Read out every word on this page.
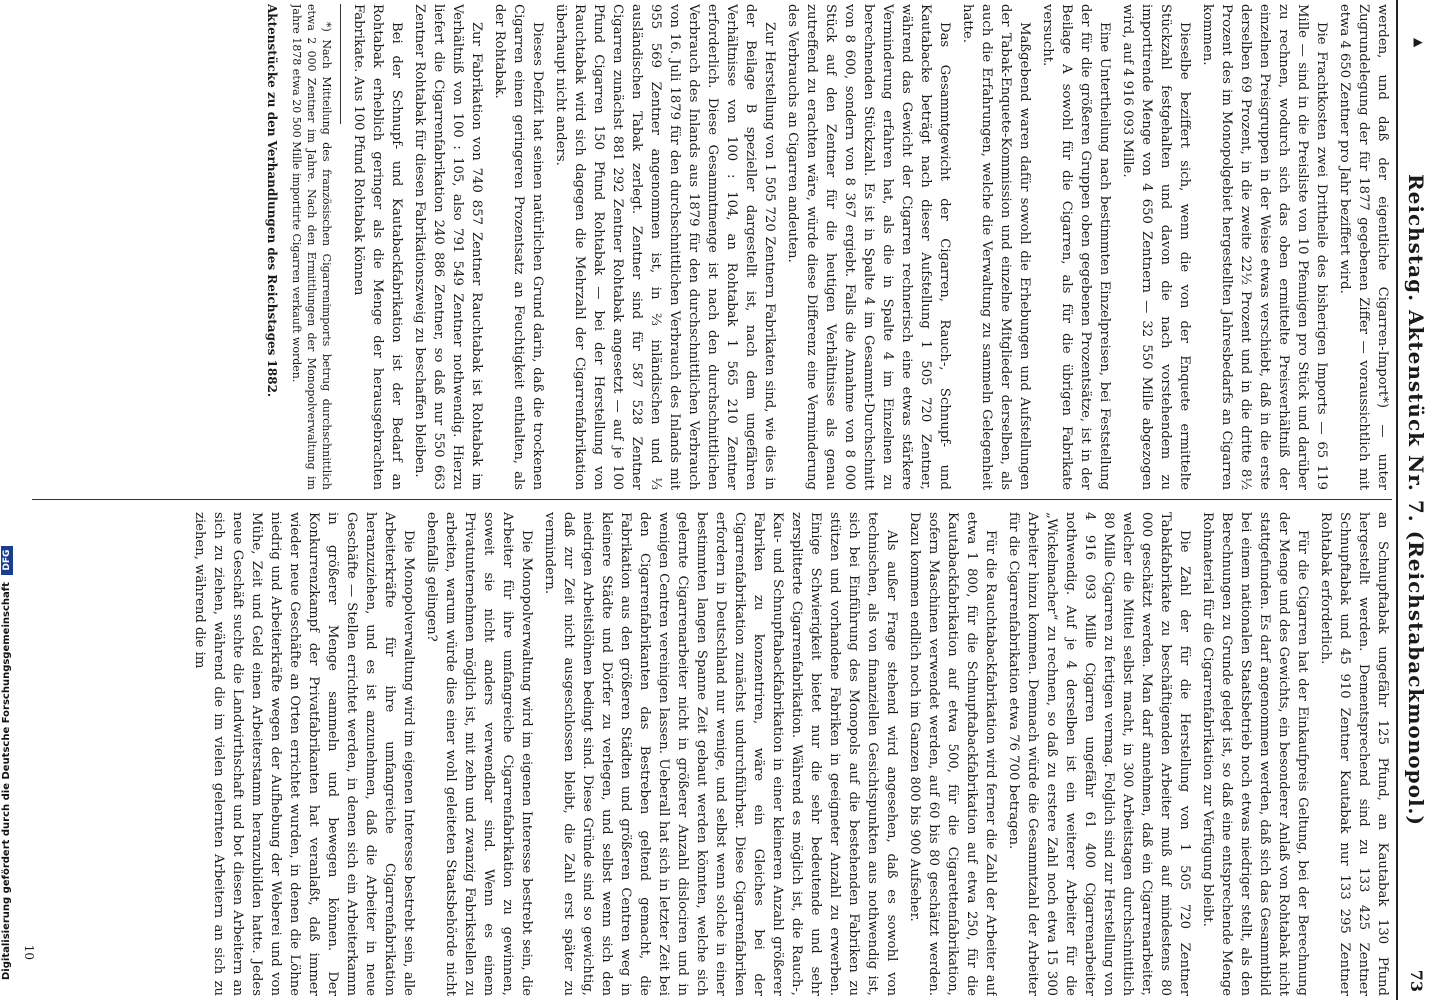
Digitalisierung gefördert durch die Deutsche Forschungsgemeinschaft DFG
▲
Reichstag. Aktenstück Nr. 7. (Reichstabackmonopol.)
73

werden, und daß der eigentliche Cigarren-Import*) — unter Zugrundelegung der für 1877 gegebenen Ziffer — voraussichtlich mit etwa 4 650 Zentner pro Jahr beziffert wird.

Die Frachtkosten zwei Drittheile des bisherigen Imports — 65 119 Mille — sind in die Preisliste von 10 Pfennigen pro Stück und darüber zu rechnen, wodurch sich das oben ermittelte Preisverhältniß der einzelnen Preisgruppen in der Weise etwas verschiebt, daß in die erste derselben 69 Prozent, in die zweite 22½ Prozent und in die dritte 8½ Prozent des im Monopolgebiet hergestellten Jahresbedarfs an Cigarren kommen.

Dieselbe beziffert sich, wenn die von der Enquete ermittelte Stückzahl festgehalten und davon die nach vorstehendem zu importirende Menge von 4 650 Zentnern — 32 550 Mille abgezogen wird, auf 4 916 093 Mille.

Eine Untertheilung nach bestimmten Einzelpreisen, bei Feststellung der für die größeren Gruppen oben gegebenen Prozentsätze, ist in der Beilage A sowohl für die Cigarren, als für die übrigen Fabrikate versucht.

Maßgebend waren dafür sowohl die Erhebungen und Aufstellungen der Tabak-Enquete-Kommission und einzelne Mitglieder derselben, als auch die Erfahrungen, welche die Verwaltung zu sammeln Gelegenheit hatte.

Das Gesammtgewicht der Cigarren, Rauch-, Schnupf- und Kautabacke beträgt nach dieser Aufstellung 1 505 720 Zentner, während das Gewicht der Cigarren rechnerisch eine etwas stärkere Verminderung erfahren hat, als die in Spalte 4 im Einzelnen zu berechnenden Stückzahl. Es ist in Spalte 4 im Gesammt-Durchschnitt von 8 600, sondern von 8 367 ergiebt. Falls die Annahme von 8 000 Stück auf den Zentner für die heutigen Verhältnisse als genau zutreffend zu erachten wäre, würde diese Differenz eine Verminderung des Verbrauchs an Cigarren andeuten.

Zur Herstellung von 1 505 720 Zentnern Fabrikaten sind, wie dies in der Beilage B spezieller dargestellt ist, nach dem ungefähren Verhältnisse von 100 : 104, an Rohtabak 1 565 210 Zentner erforderlich. Diese Gesammtmenge ist nach den durchschnittlichen Verbrauch des Inlands aus 1879 für den durchschnittlichen Verbrauch von 16. Juli 1879 für den durchschnittlichen Verbrauch des Inlands mit 955 569 Zentner angenommen ist, in ⅔ inländischen und ⅓ ausländischen Tabak zerlegt. Zentner sind für 587 528 Zentner Cigarren zunächst 881 292 Zentner Rohtabak angesetzt — auf je 100 Pfund Cigarren 150 Pfund Rohtabak — bei der Herstellung von Rauchtabak wird sich dagegen die Mehrzahl der Cigarrenfabrikation überhaupt nicht anders.

Dieses Defizit hat seinen natürlichen Grund darin, daß die trockenen Cigarren einen geringeren Prozentsatz an Feuchtigkeit enthalten, als der Rohtabak.

Zur Fabrikation von 740 857 Zentner Rauchtabak ist Rohtabak im Verhältniß von 100 : 105, also 791 549 Zentner nothwendig. Hierzu liefert die Cigarrenfabrikation 240 886 Zentner, so daß nur 550 663 Zentner Rohtabak für diesen Fabrikationszweig zu beschaffen bleiben.

Bei der Schnupf- und Kautabackfabrikation ist der Bedarf an Rohtabak erheblich geringer als die Menge der herausgebrachten Fabrikate. Aus 100 Pfund Rohtabak können

*) Nach Mitteilung des französischen Cigarrenimports betrug durchschnittlich etwa 2 000 Zentner im Jahre. Nach den Ermittlungen der Monopolverwaltung im Jahre 1878 etwa 20 500 Mille importirte Cigarren verkauft worden.

Aktenstücke zu den Verhandlungen des Reichstages 1882.

an Schnupftabak ungefähr 125 Pfund, an Kautabak 130 Pfund hergestellt werden. Dementsprechend sind zu 133 425 Zentner Schnupftabak und 45 910 Zentner Kautabak nur 133 295 Zentner Rohtabak erforderlich.

Für die Cigarren hat der Einkaufpreis Geltung, bei der Berechnung der Menge und des Gewichts, ein besonderer Anlaß von Rohtabak nicht stattgefunden. Es darf angenommen werden, daß sich das Gesammtbild bei einem nationalen Staatsbetrieb noch etwas niedriger stellt, als den Berechnungen zu Grunde gelegt ist, so daß eine entsprechende Menge Rohmaterial für die Cigarrenfabrikation zur Verfügung bleibt.

Die Zahl der für die Herstellung von 1 505 720 Zentner Tabakfabrikate zu beschäftigenden Arbeiter muß auf mindestens 80 000 geschätzt werden. Man darf annehmen, daß ein Cigarrenarbeiter, welcher die Mittel selbst macht, in 300 Arbeitstagen durchschnittlich 80 Mille Cigarren zu fertigen vermag. Folglich sind zur Herstellung von 4 916 093 Mille Cigarren ungefähr 61 400 Cigarrenarbeiter nothwendig. Auf je 4 derselben ist ein weiterer Arbeiter für die „Wickelmacher“ zu rechnen, so daß zu erstere Zahl noch etwa 15 300 Arbeiter hinzu kommen. Demnach würde die Gesammtzahl der Arbeiter für die Cigarrenfabrikation etwa 76 700 betragen.

Für die Rauchtabackfabrikation wird ferner die Zahl der Arbeiter auf etwa 1 800, für die Schnupftabackfabrikation auf etwa 250, für die Kautabackfabrikation auf etwa 500, für die Cigarettenfabrikation, sofern Maschinen verwendet werden, auf 60 bis 80 geschätzt werden. Dazu kommen endlich noch im Ganzen 800 bis 900 Aufseher.

Als außer Frage stehend wird angesehen, daß es sowohl von technischen, als von finanziellen Gesichtspunkten aus nothwendig ist, sich bei Einführung des Monopols auf die bestehenden Fabriken zu stützen und vorhandene Fabriken in geeigneter Anzahl zu erwerben. Einige Schwierigkeit bietet nur die sehr bedeutende und sehr zersplitterte Cigarrenfabrikation. Während es möglich ist, die Rauch-, Kau- und Schnupftabackfabrikation in einer kleineren Anzahl größerer Fabriken zu konzentriren, wäre ein Gleiches bei der Cigarrenfabrikation zunächst undurchführbar. Diese Cigarrenfabriken erfordern in Deutschland nur wenige, und selbst wenn solche in einer bestimmten langen Spanne Zeit gebaut werden könnten, welche sich gelernte Cigarrenarbeiter nicht in größerer Anzahl dislociren und in wenigen Centren vereinigen lassen. Ueberall hat sich in letzter Zeit bei den Cigarrenfabrikanten das Bestreben geltend gemacht, die Fabrikation aus den größeren Städten und größeren Centren weg in kleinere Städte und Dörfer zu verlegen, und selbst wenn sich den niedrigen Arbeitslöhnen bedingt sind. Diese Gründe sind so gewichtig, daß zur Zeit nicht ausgeschlossen bleibt, die Zahl erst später zu vermindern.

Die Monopolverwaltung wird im eigenen Interesse bestrebt sein, die Arbeiter für ihre umfangreiche Cigarrenfabrikation zu gewinnen, soweit sie nicht anders verwendbar sind. Wenn es einem Privatunternehmen möglich ist, mit zehn und zwanzig Fabrikstellen zu arbeiten, warum würde dies einer wohl geleiteten Staatsbehörde nicht ebenfalls gelingen?

Die Monopolverwaltung wird im eigenen Interesse bestrebt sein, alle Arbeiterkräfte für ihre umfangreiche Cigarrenfabrikation heranzuziehen, und es ist anzunehmen, daß die Arbeiter in neue Geschäfte — Stellen errichtet werden, in denen sich ein Arbeiterkamm in größerer Menge sammeln und bewegen können. Der Konkurrenzkampf der Privatfabrikanten hat veranlaßt, daß immer wieder neue Geschäfte an Orten errichtet wurden, in denen die Löhne niedrig und Arbeiterkräfte wegen der Aufhebung der Weberei und von Mühe, Zeit und Geld einen Arbeiterstamm heranzubilden hatte. Jedes neue Geschäft suchte die Landwirthschaft und bot diesen Arbeitern an sich zu ziehen, während die im vielen gelernten Arbeitern an sich zu ziehen, während die im

10
